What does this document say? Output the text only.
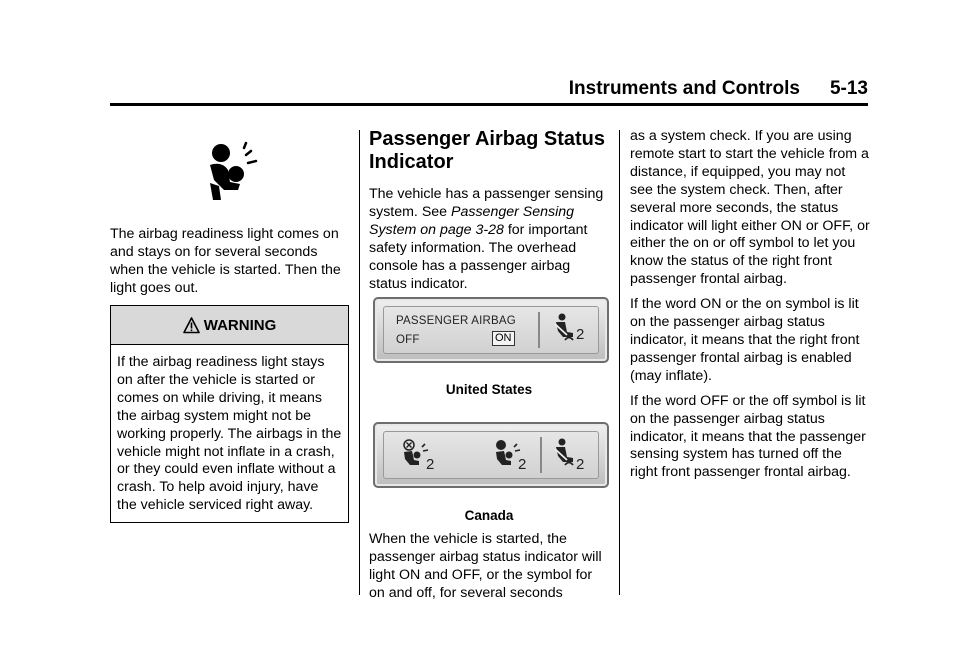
Instruments and Controls 5-13

The airbag readiness light comes on and stays on for several seconds when the vehicle is started. Then the light goes out.

WARNING
If the airbag readiness light stays on after the vehicle is started or comes on while driving, it means the airbag system might not be working properly. The airbags in the vehicle might not inflate in a crash, or they could even inflate without a crash. To help avoid injury, have the vehicle serviced right away.
Passenger Airbag Status Indicator

The vehicle has a passenger sensing system. See Passenger Sensing System on page 3-28 for important safety information. The overhead console has a passenger airbag status indicator.

PASSENGER AIRBAG
OFF	ON	2
United States
2	2	2
Canada

When the vehicle is started, the passenger airbag status indicator will light ON and OFF, or the symbol for on and off, for several seconds

as a system check. If you are using remote start to start the vehicle from a distance, if equipped, you may not see the system check. Then, after several more seconds, the status indicator will light either ON or OFF, or either the on or off symbol to let you know the status of the right front passenger frontal airbag.

If the word ON or the on symbol is lit on the passenger airbag status indicator, it means that the right front passenger frontal airbag is enabled (may inflate).

If the word OFF or the off symbol is lit on the passenger airbag status indicator, it means that the passenger sensing system has turned off the right front passenger frontal airbag.
